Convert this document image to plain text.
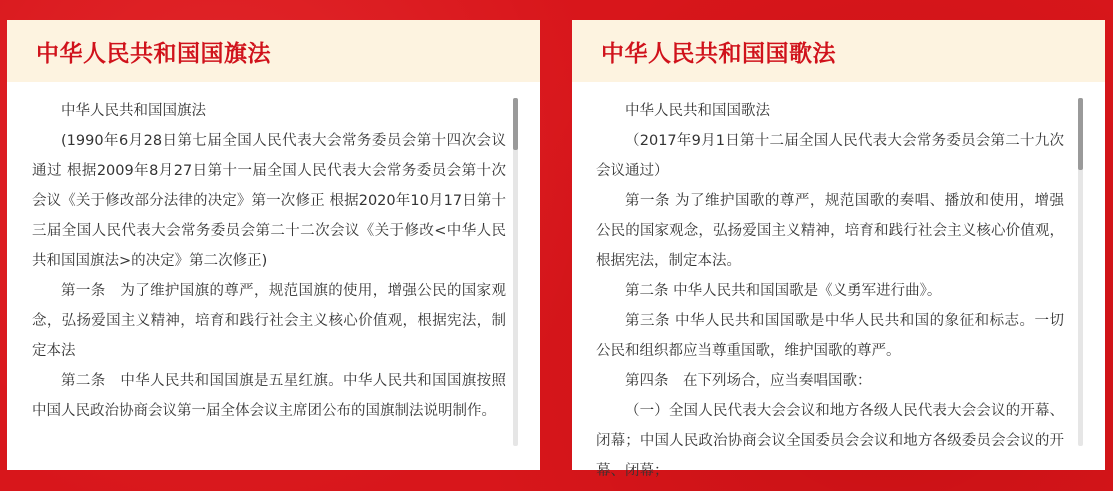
中华人民共和国国旗法

中华人民共和国国旗法

(1990年6月28日第七届全国人民代表大会常务委员会第十四次会议通过 根据2009年8月27日第十一届全国人民代表大会常务委员会第十次会议《关于修改部分法律的决定》第一次修正 根据2020年10月17日第十三届全国人民代表大会常务委员会第二十二次会议《关于修改<中华人民共和国国旗法>的决定》第二次修正)

第一条　为了维护国旗的尊严，规范国旗的使用，增强公民的国家观念，弘扬爱国主义精神，培育和践行社会主义核心价值观，根据宪法，制定本法

第二条　中华人民共和国国旗是五星红旗。中华人民共和国国旗按照中国人民政治协商会议第一届全体会议主席团公布的国旗制法说明制作。

中华人民共和国国歌法

中华人民共和国国歌法

（2017年9月1日第十二届全国人民代表大会常务委员会第二十九次会议通过）

第一条 为了维护国歌的尊严，规范国歌的奏唱、播放和使用，增强公民的国家观念，弘扬爱国主义精神，培育和践行社会主义核心价值观，根据宪法，制定本法。

第二条 中华人民共和国国歌是《义勇军进行曲》。

第三条 中华人民共和国国歌是中华人民共和国的象征和标志。一切公民和组织都应当尊重国歌，维护国歌的尊严。

第四条　在下列场合，应当奏唱国歌：

（一）全国人民代表大会会议和地方各级人民代表大会会议的开幕、闭幕；中国人民政治协商会议全国委员会会议和地方各级委员会会议的开幕、闭幕；
